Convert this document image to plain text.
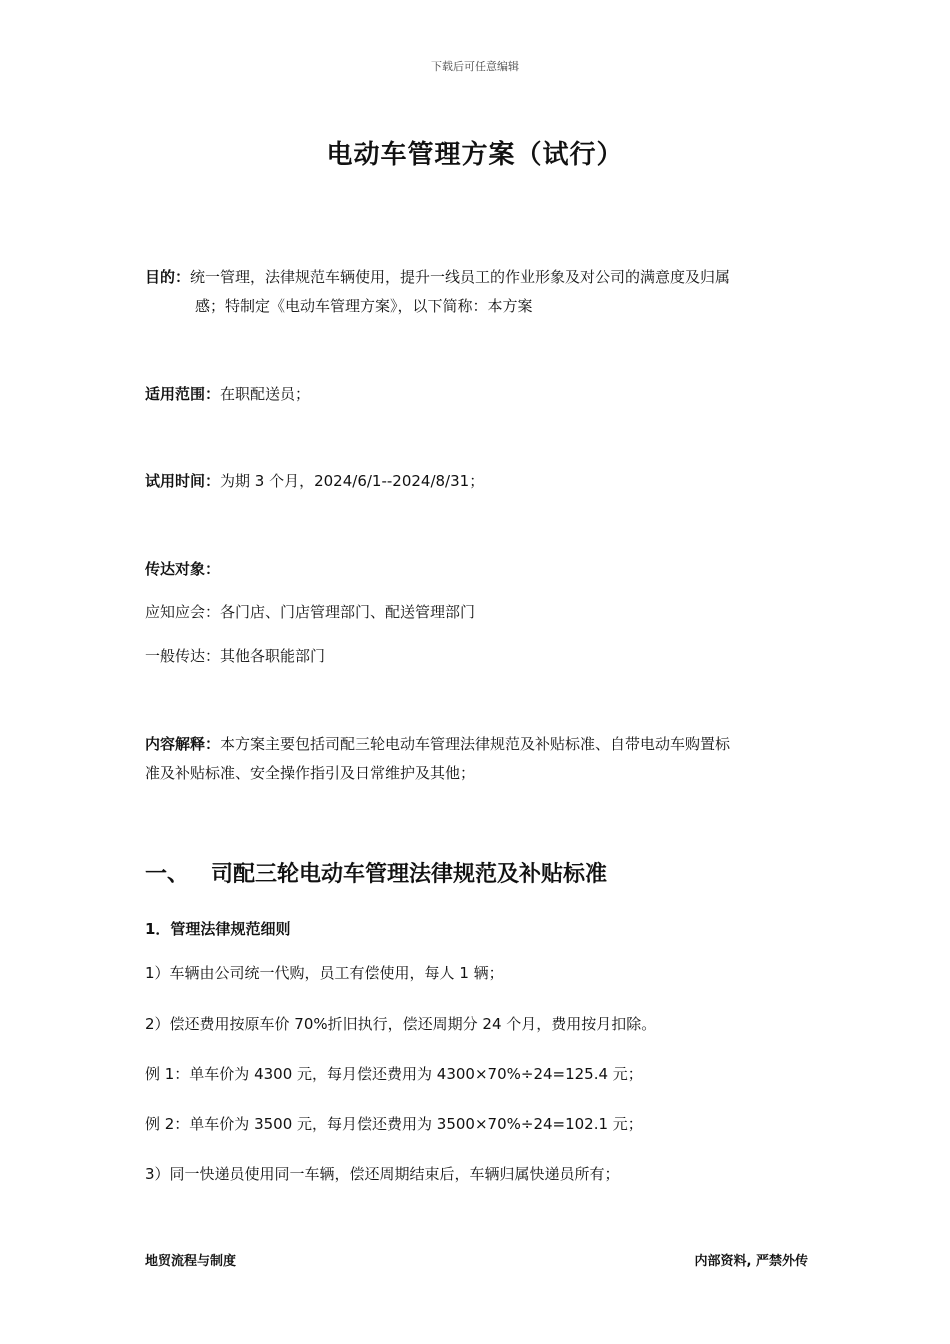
下载后可任意编辑
电动车管理方案（试行）
目的：统一管理，法律规范车辆使用，提升一线员工的作业形象及对公司的满意度及归属
感；特制定《电动车管理方案》，以下简称：本方案
适用范围：在职配送员；
试用时间：为期 3 个月，2024/6/1--2024/8/31；
传达对象：
应知应会：各门店、门店管理部门、配送管理部门
一般传达：其他各职能部门
内容解释：本方案主要包括司配三轮电动车管理法律规范及补贴标准、自带电动车购置标
准及补贴标准、安全操作指引及日常维护及其他；
一、 司配三轮电动车管理法律规范及补贴标准
1．管理法律规范细则
1）车辆由公司统一代购，员工有偿使用，每人 1 辆；
2）偿还费用按原车价 70%折旧执行，偿还周期分 24 个月，费用按月扣除。
例 1：单车价为 4300 元，每月偿还费用为 4300×70%÷24=125.4 元；
例 2：单车价为 3500 元，每月偿还费用为 3500×70%÷24=102.1 元；
3）同一快递员使用同一车辆，偿还周期结束后，车辆归属快递员所有；
地贸流程与制度	内部资料, 严禁外传
